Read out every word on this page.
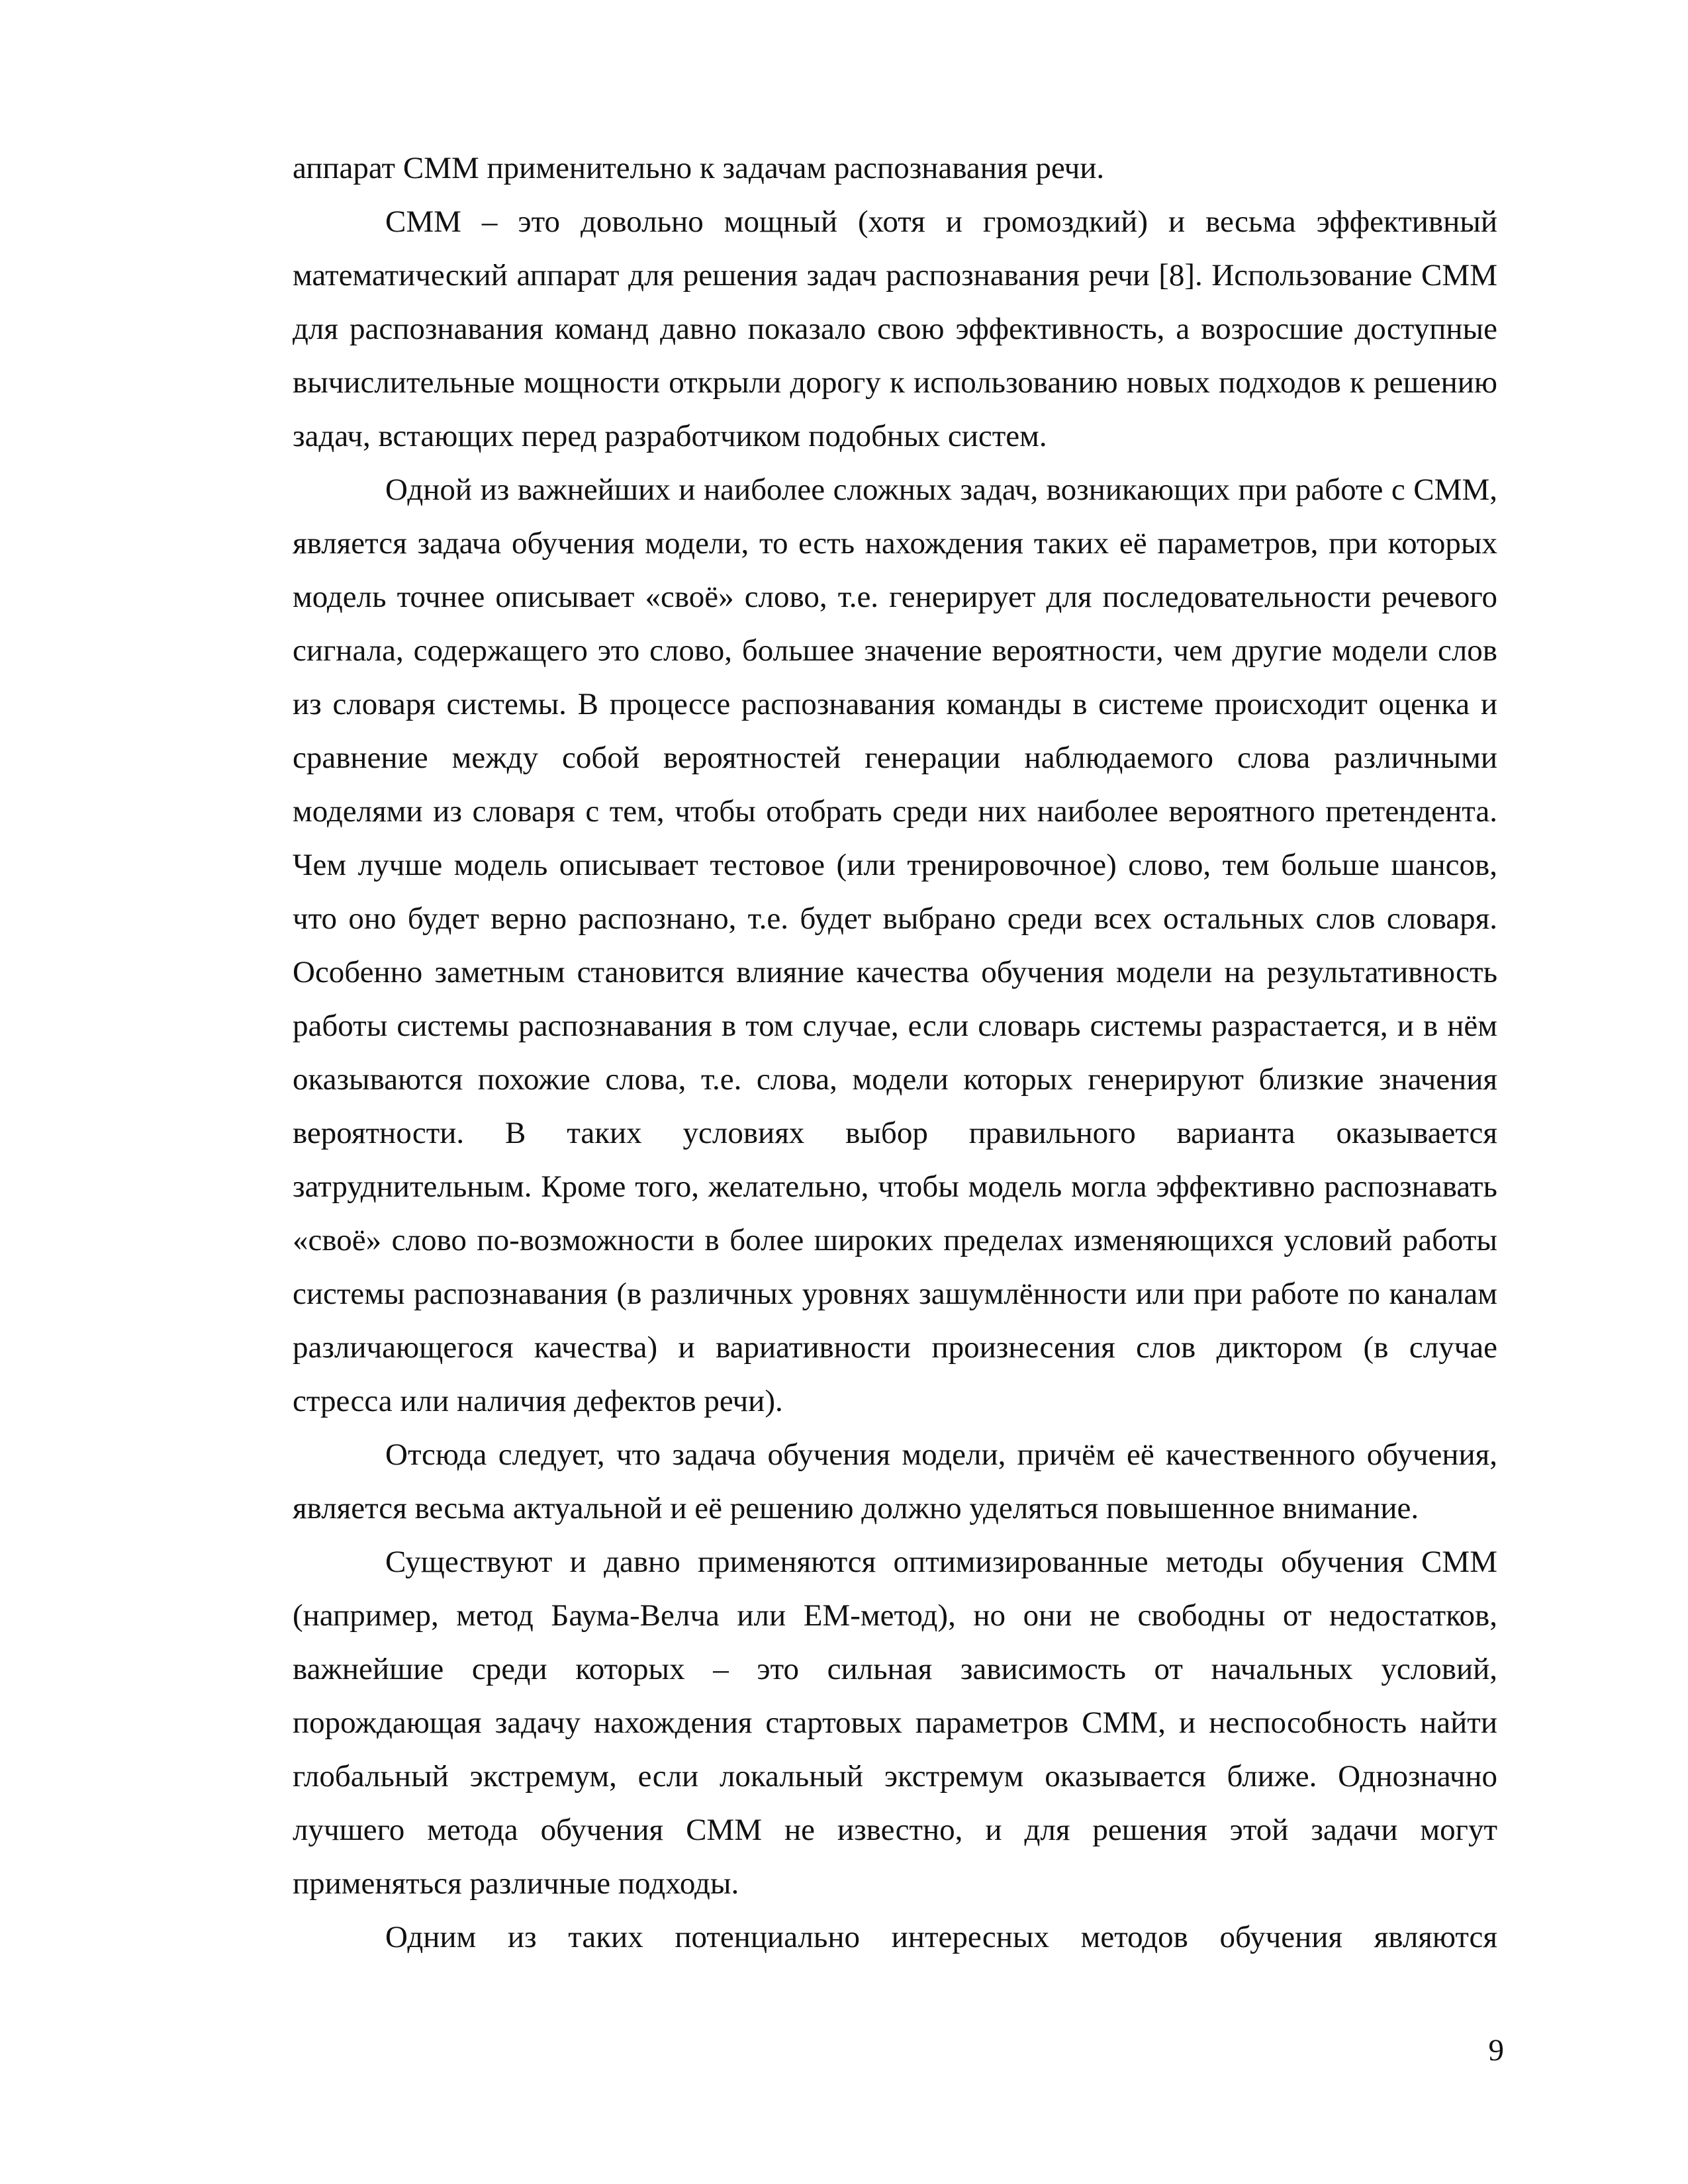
аппарат СММ применительно к задачам распознавания речи.

СММ – это довольно мощный (хотя и громоздкий) и весьма эффективный математический аппарат для решения задач распознавания речи [8]. Использование СММ для распознавания команд давно показало свою эффективность, а возросшие доступные вычислительные мощности открыли дорогу к использованию новых подходов к решению задач, встающих перед разработчиком подобных систем.

Одной из важнейших и наиболее сложных задач, возникающих при работе с СММ, является задача обучения модели, то есть нахождения таких её параметров, при которых модель точнее описывает «своё» слово, т.е. генерирует для последовательности речевого сигнала, содержащего это слово, большее значение вероятности, чем другие модели слов из словаря системы. В процессе распознавания команды в системе происходит оценка и сравнение между собой вероятностей генерации наблюдаемого слова различными моделями из словаря с тем, чтобы отобрать среди них наиболее вероятного претендента. Чем лучше модель описывает тестовое (или тренировочное) слово, тем больше шансов, что оно будет верно распознано, т.е. будет выбрано среди всех остальных слов словаря. Особенно заметным становится влияние качества обучения модели на результативность работы системы распознавания в том случае, если словарь системы разрастается, и в нём оказываются похожие слова, т.е. слова, модели которых генерируют близкие значения вероятности. В таких условиях выбор правильного варианта оказывается затруднительным. Кроме того, желательно, чтобы модель могла эффективно распознавать «своё» слово по-возможности в более широких пределах изменяющихся условий работы системы распознавания (в различных уровнях зашумлённости или при работе по каналам различающегося качества) и вариативности произнесения слов диктором (в случае стресса или наличия дефектов речи).

Отсюда следует, что задача обучения модели, причём её качественного обучения, является весьма актуальной и её решению должно уделяться повышенное внимание.

Существуют и давно применяются оптимизированные методы обучения СММ (например, метод Баума-Велча или EM-метод), но они не свободны от недостатков, важнейшие среди которых – это сильная зависимость от начальных условий, порождающая задачу нахождения стартовых параметров СММ, и неспособность найти глобальный экстремум, если локальный экстремум оказывается ближе. Однозначно лучшего метода обучения СММ не известно, и для решения этой задачи могут применяться различные подходы.

Одним из таких потенциально интересных методов обучения являются

9
